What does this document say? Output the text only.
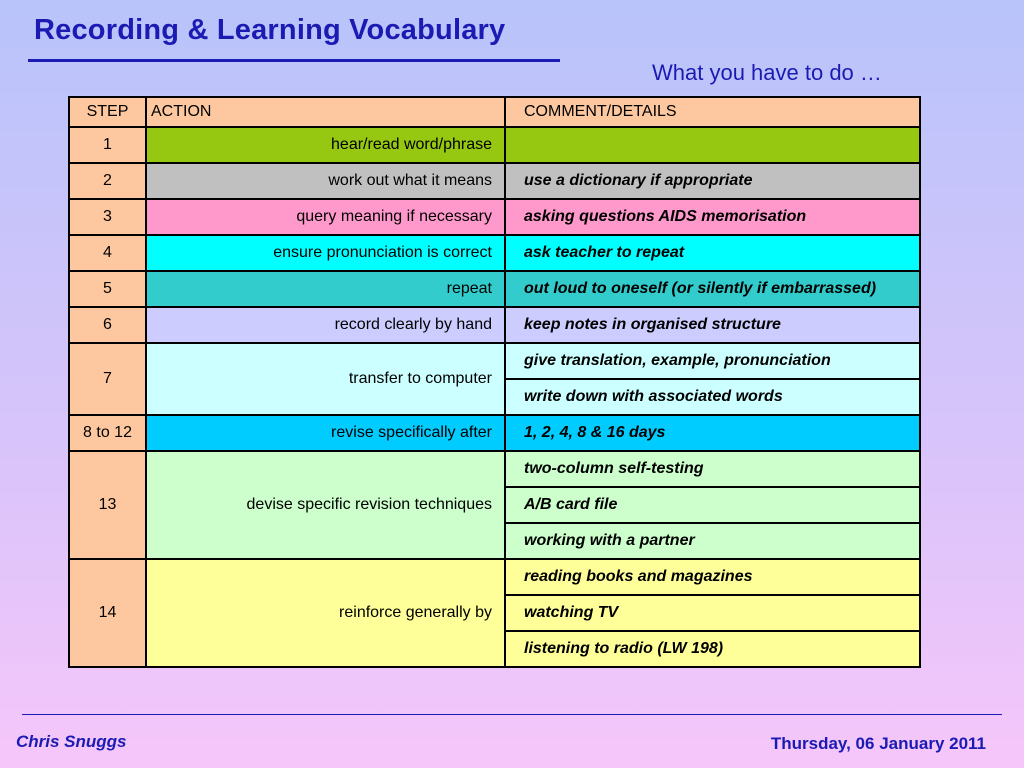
Recording & Learning Vocabulary
What you have to do …
STEP	ACTION	COMMENT/DETAILS
1	hear/read word/phrase	
2	work out what it means	use a dictionary if appropriate
3	query meaning if necessary	asking questions AIDS memorisation
4	ensure pronunciation is correct	ask teacher to repeat
5	repeat	out loud to oneself (or silently if embarrassed)
6	record clearly by hand	keep notes in organised structure
7	transfer to computer	give translation, example, pronunciation
		write down with associated words
8 to 12	revise specifically after	1, 2, 4, 8 & 16 days
13	devise specific revision techniques	two-column self-testing
		A/B card file
		working with a partner
14	reinforce generally by	reading books and magazines
		watching TV
		listening to radio (LW 198)
Chris Snuggs	Thursday, 06 January 2011
